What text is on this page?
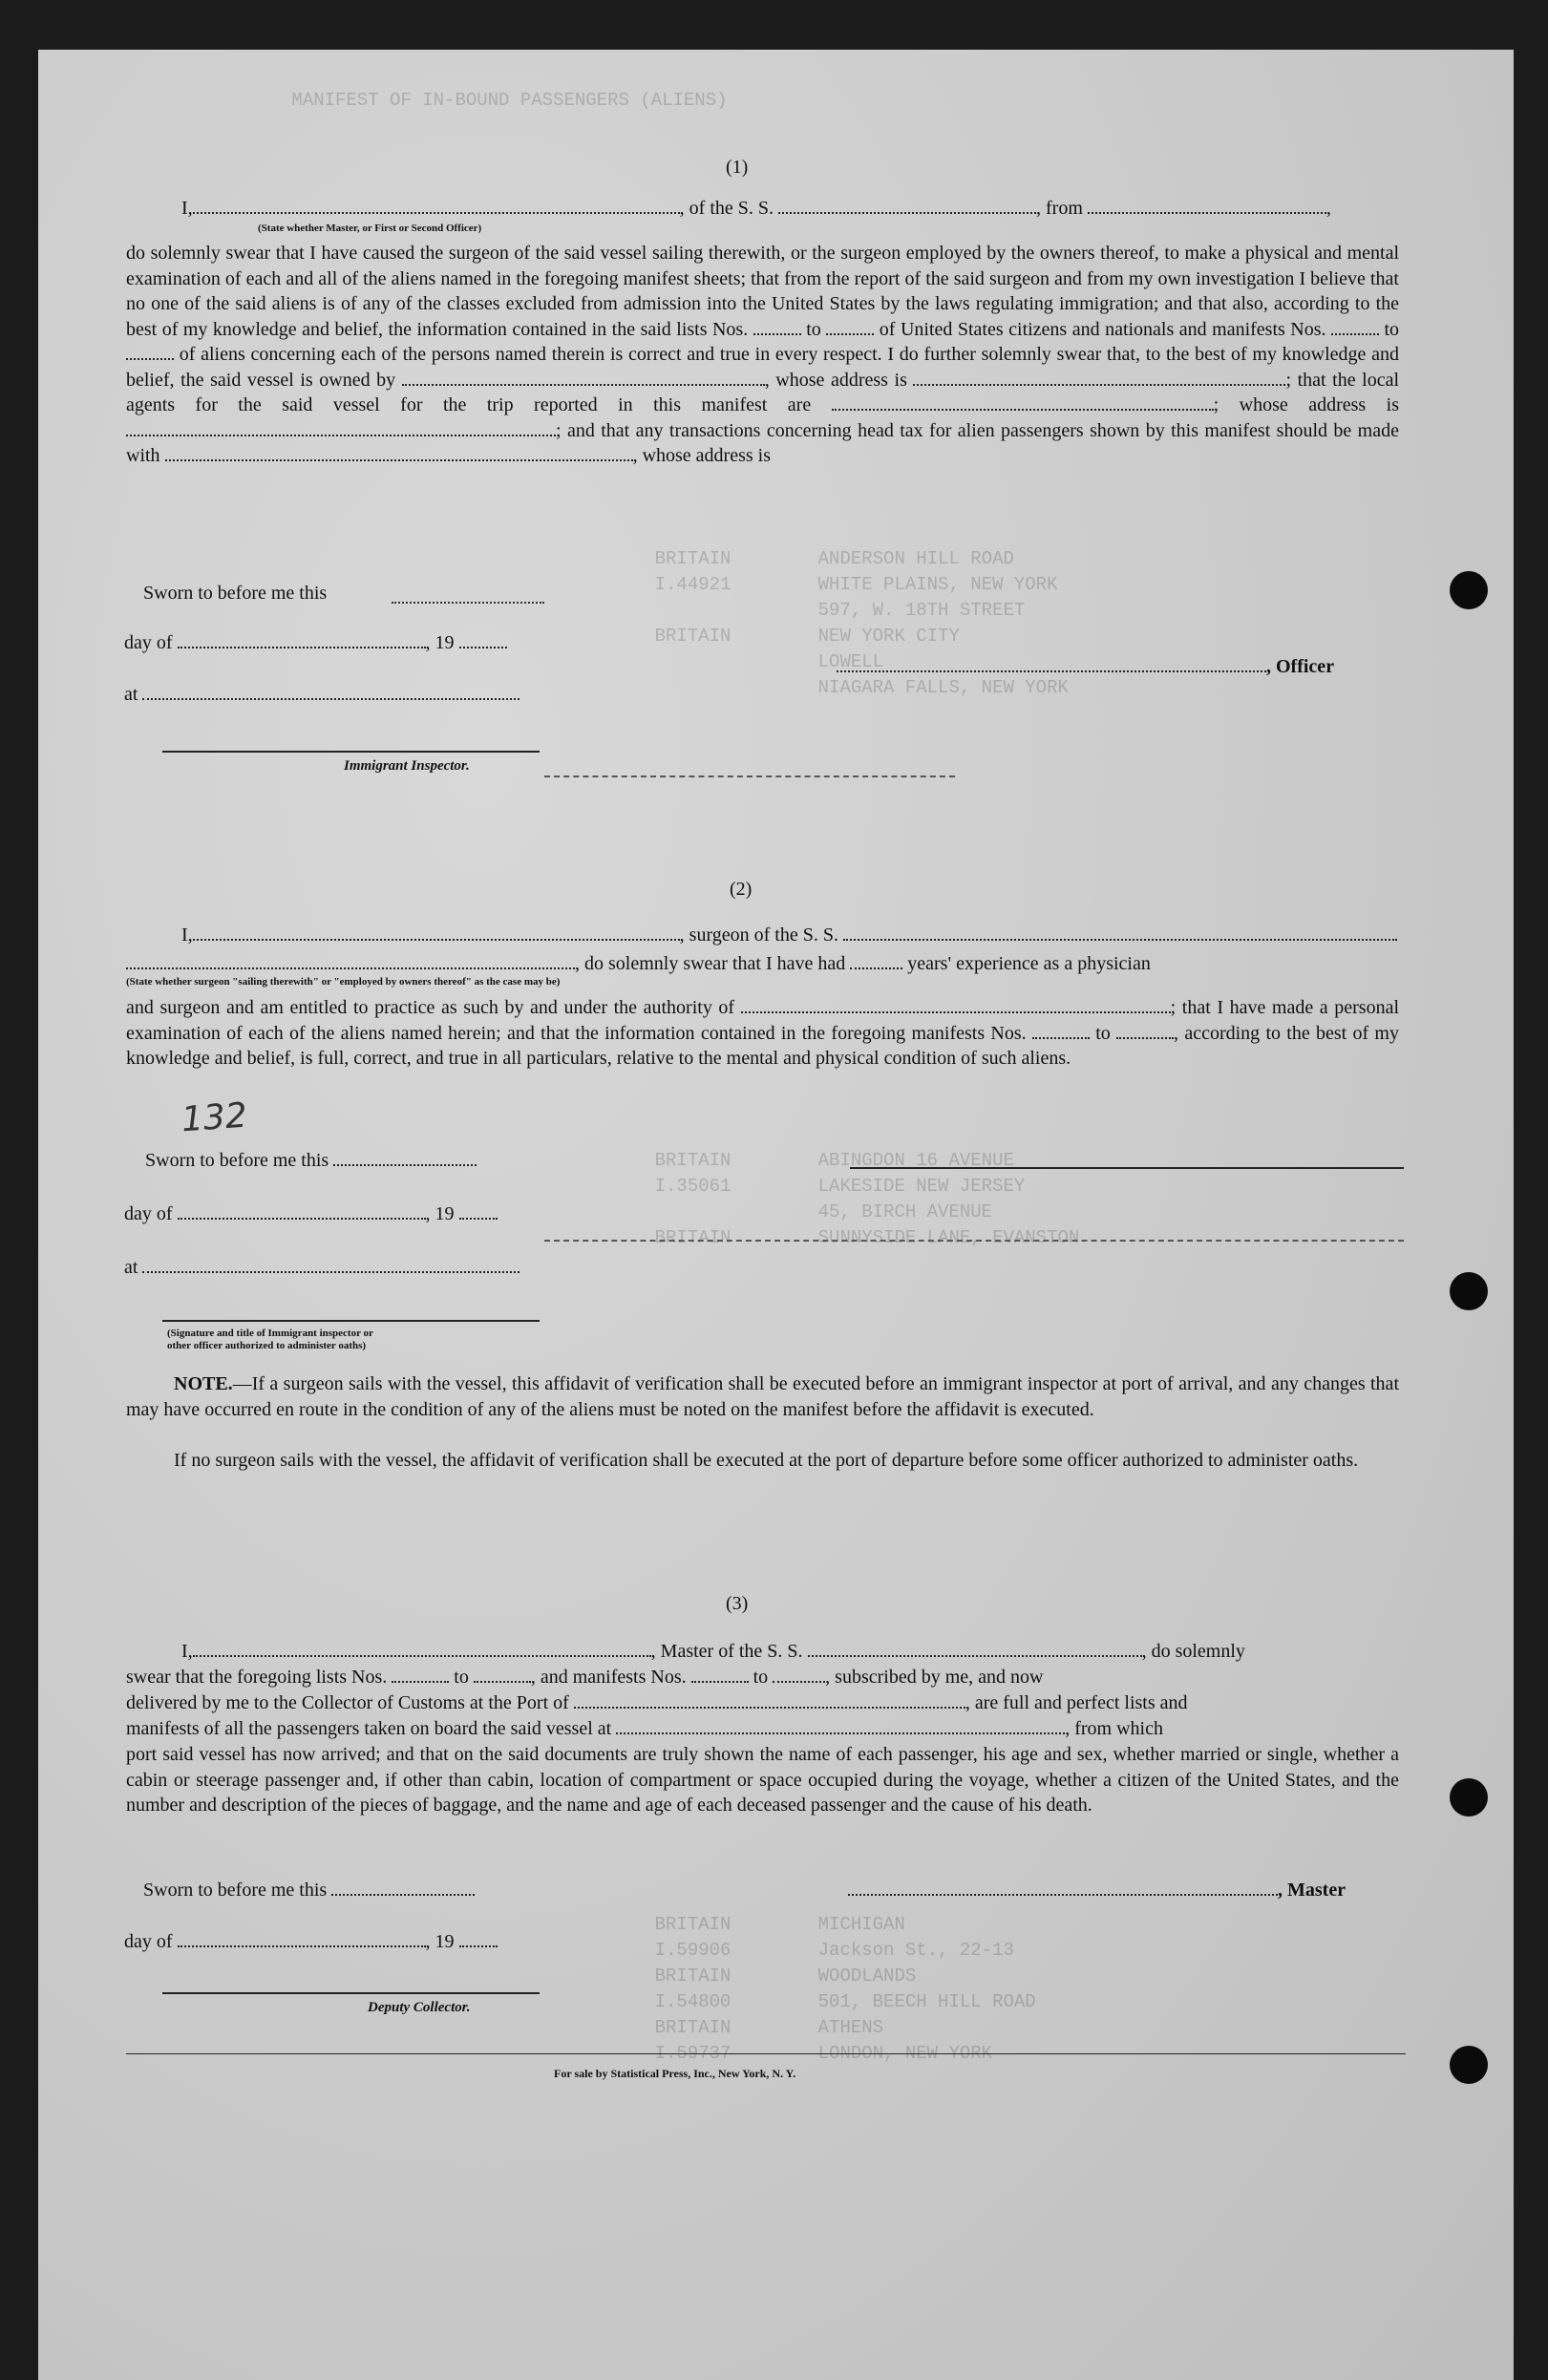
MANIFEST OF IN-BOUND PASSENGERS (ALIENS)
BRITAIN        ANDERSON HILL ROAD
I.44921        WHITE PLAINS, NEW YORK
597, W. 18TH STREET
BRITAIN        NEW YORK CITY
LOWELL
NIAGARA FALLS, NEW YORK
BRITAIN        ABINGDON 16 AVENUE
I.35061        LAKESIDE NEW JERSEY
45, BIRCH AVENUE
BRITAIN        SUNNYSIDE LANE, EVANSTON
BRITAIN        MICHIGAN
I.59906        Jackson St., 22-13
BRITAIN        WOODLANDS
I.54800        501, BEECH HILL ROAD
BRITAIN        ATHENS
I.59737        LONDON, NEW YORK
(1)
I,	, of the S. S.	, from	,
(State whether Master, or First or Second Officer)
do solemnly swear that I have caused the surgeon of the said vessel sailing therewith, or the surgeon employed by the owners thereof, to make a physical and mental examination of each and all of the aliens named in the foregoing manifest sheets; that from the report of the said surgeon and from my own investigation I believe that no one of the said aliens is of any of the classes excluded from admission into the United States by the laws regulating immigration; and that also, according to the best of my knowledge and belief, the information contained in the said lists Nos.	to	of United States citizens and nationals and manifests Nos.	to  of aliens concerning each of the persons named therein is correct and true in every respect. I do further solemnly swear that, to the best of my knowledge and belief, the said vessel is owned by	, whose address is	; that the local agents for the said vessel for the trip reported in this manifest are	; whose address is ; and that any transactions concerning head tax for alien passengers shown by this manifest should be made with	, whose address is
Sworn to before me this
day of	, 19
at
, Officer
Immigrant Inspector.
(2)
I,	, surgeon of the S. S.
, do solemnly swear that I have had	years' experience as a physician
(State whether surgeon "sailing therewith" or "employed by owners thereof" as the case may be)
and surgeon and am entitled to practice as such by and under the authority of	; that I have made a personal examination of each of the aliens named herein; and that the information contained in the foregoing manifests Nos.	to	, according to the best of my knowledge and belief, is full, correct, and true in all particulars, relative to the mental and physical condition of such aliens.
132
Sworn to before me this
day of	, 19
at
(Signature and title of Immigrant inspector or
other officer authorized to administer oaths)
NOTE.—If a surgeon sails with the vessel, this affidavit of verification shall be executed before an immigrant inspector at port of arrival, and any changes that may have occurred en route in the condition of any of the aliens must be noted on the manifest before the affidavit is executed.
If no surgeon sails with the vessel, the affidavit of verification shall be executed at the port of departure before some officer authorized to administer oaths.
(3)
I,	, Master of the S. S.	, do solemnly
swear that the foregoing lists Nos.	to	, and manifests Nos.	to	, subscribed by me, and now
delivered by me to the Collector of Customs at the Port of	, are full and perfect lists and
manifests of all the passengers taken on board the said vessel at	, from which
port said vessel has now arrived; and that on the said documents are truly shown the name of each passenger, his age and sex, whether married or single, whether a cabin or steerage passenger and, if other than cabin, location of compartment or space occupied during the voyage, whether a citizen of the United States, and the number and description of the pieces of baggage, and the name and age of each deceased passenger and the cause of his death.
Sworn to before me this	, Master
day of	, 19
Deputy Collector.
For sale by Statistical Press, Inc., New York, N. Y.
